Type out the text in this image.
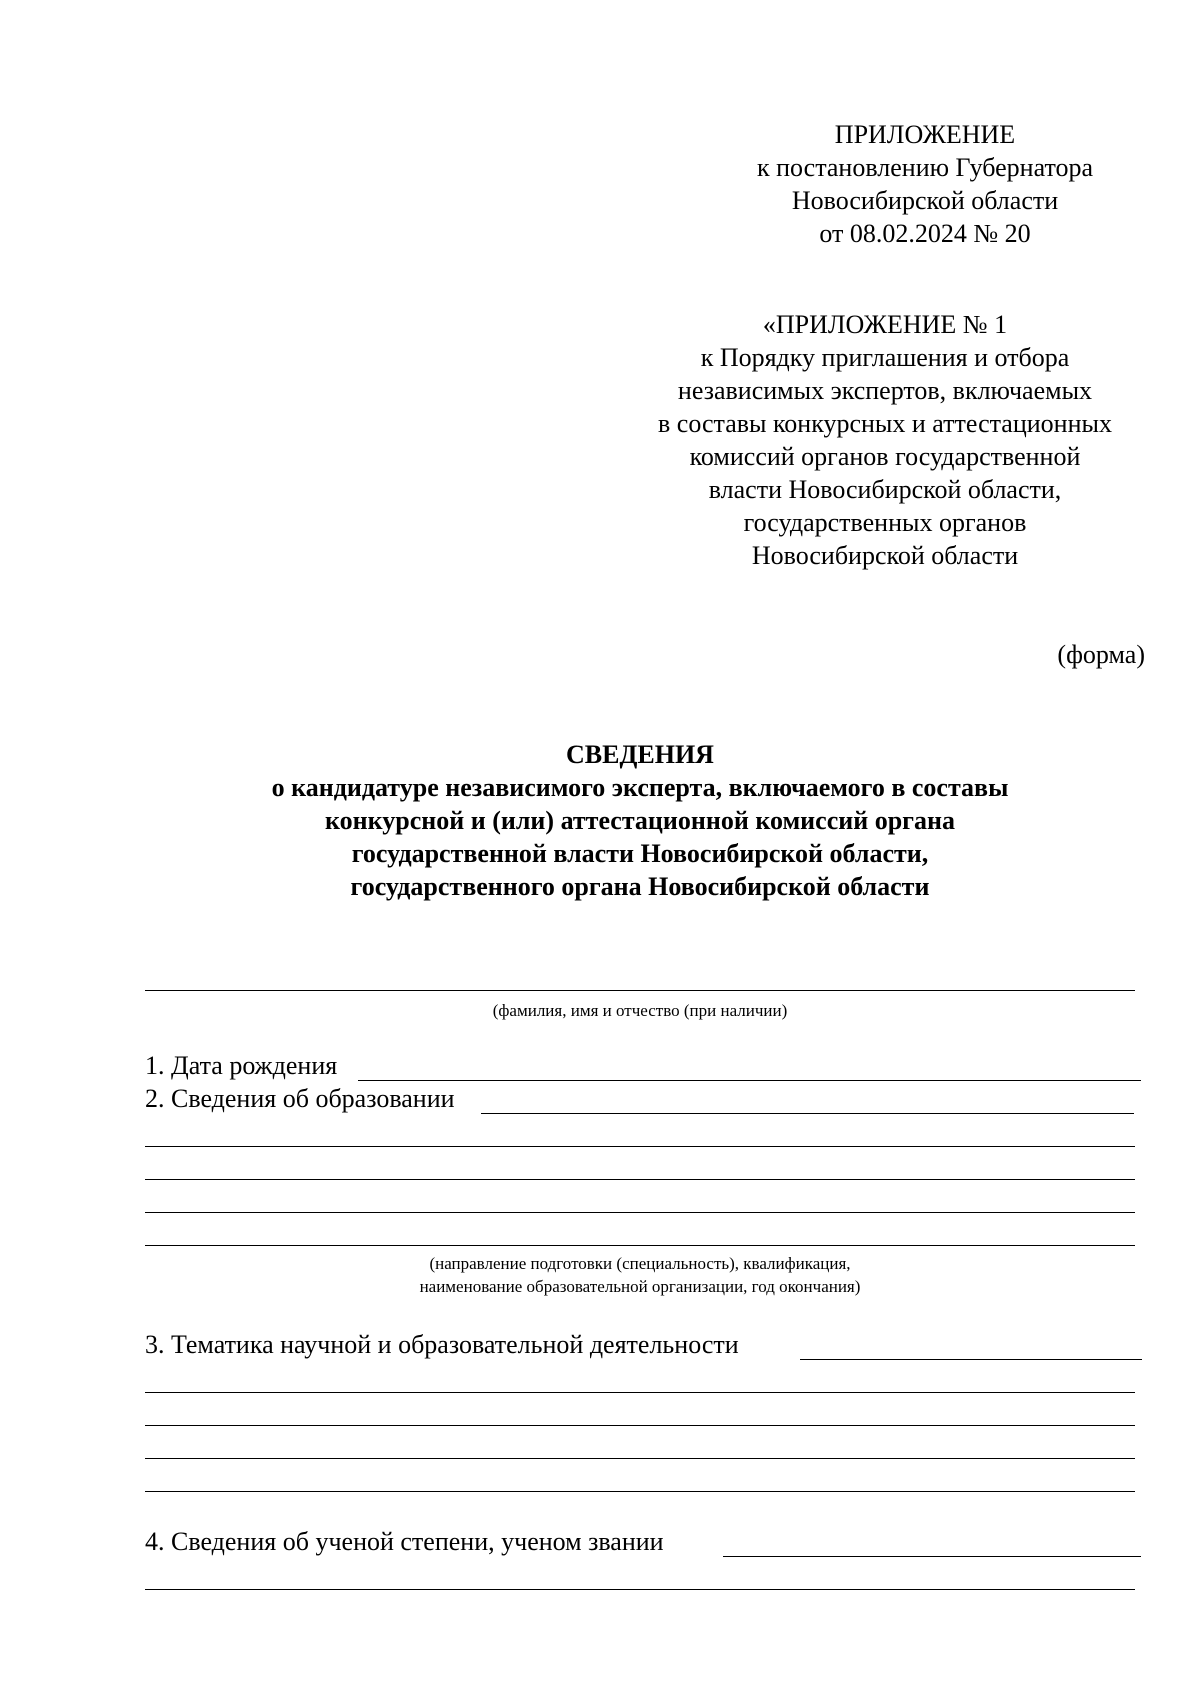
ПРИЛОЖЕНИЕ
к постановлению Губернатора
Новосибирской области
от 08.02.2024 № 20
«ПРИЛОЖЕНИЕ № 1
к Порядку приглашения и отбора
независимых экспертов, включаемых
в составы конкурсных и аттестационных
комиссий органов государственной
власти Новосибирской области,
государственных органов
Новосибирской области
(форма)
СВЕДЕНИЯ
о кандидатуре независимого эксперта, включаемого в составы
конкурсной и (или) аттестационной комиссий органа
государственной власти Новосибирской области,
государственного органа Новосибирской области
(фамилия, имя и отчество (при наличии)
1. Дата рождения
2. Сведения об образовании
(направление подготовки (специальность), квалификация,
наименование образовательной организации, год окончания)
3. Тематика научной и образовательной деятельности
4. Сведения об ученой степени, ученом звании
